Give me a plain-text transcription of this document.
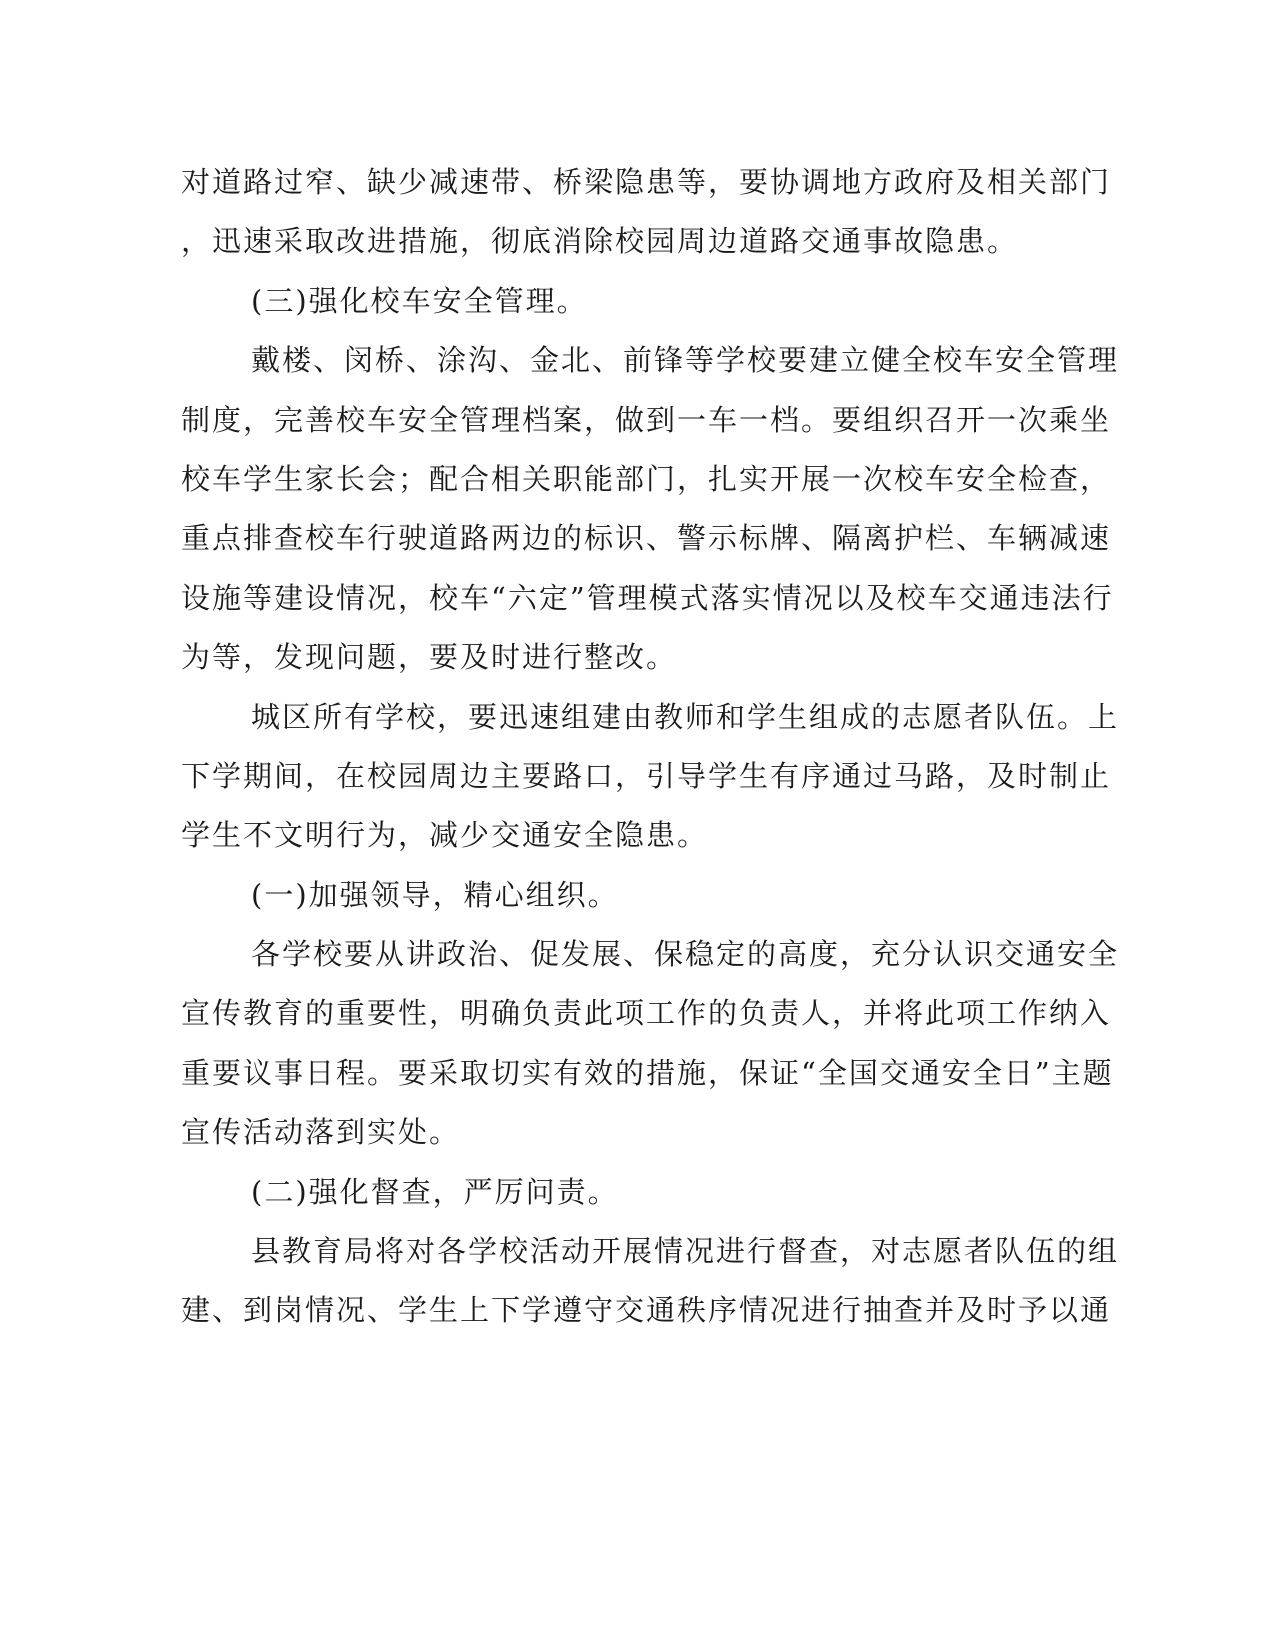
对道路过窄、缺少减速带、桥梁隐患等，要协调地方政府及相关部门
，迅速采取改进措施，彻底消除校园周边道路交通事故隐患。
(三)强化校车安全管理。
戴楼、闵桥、涂沟、金北、前锋等学校要建立健全校车安全管理
制度，完善校车安全管理档案，做到一车一档。要组织召开一次乘坐
校车学生家长会；配合相关职能部门，扎实开展一次校车安全检查，
重点排查校车行驶道路两边的标识、警示标牌、隔离护栏、车辆减速
设施等建设情况，校车“六定”管理模式落实情况以及校车交通违法行
为等，发现问题，要及时进行整改。
城区所有学校，要迅速组建由教师和学生组成的志愿者队伍。上
下学期间，在校园周边主要路口，引导学生有序通过马路，及时制止
学生不文明行为，减少交通安全隐患。
(一)加强领导，精心组织。
各学校要从讲政治、促发展、保稳定的高度，充分认识交通安全
宣传教育的重要性，明确负责此项工作的负责人，并将此项工作纳入
重要议事日程。要采取切实有效的措施，保证“全国交通安全日”主题
宣传活动落到实处。
(二)强化督查，严厉问责。
县教育局将对各学校活动开展情况进行督查，对志愿者队伍的组
建、到岗情况、学生上下学遵守交通秩序情况进行抽查并及时予以通
